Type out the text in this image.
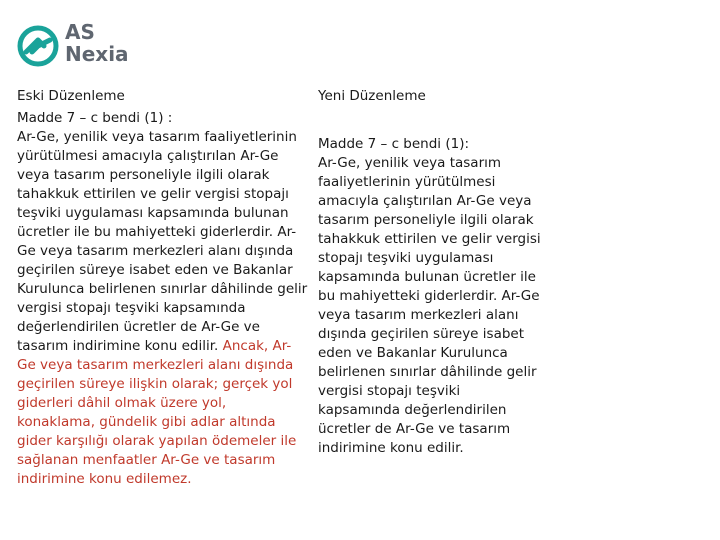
AS
Nexia
Eski Düzenleme	Yeni Düzenleme
Madde 7 – c bendi (1) :
Ar-Ge, yenilik veya tasarım faaliyetlerinin
yürütülmesi amacıyla çalıştırılan Ar-Ge
veya tasarım personeliyle ilgili olarak
tahakkuk ettirilen ve gelir vergisi stopajı
teşviki uygulaması kapsamında bulunan
ücretler ile bu mahiyetteki giderlerdir. Ar-
Ge veya tasarım merkezleri alanı dışında
geçirilen süreye isabet eden ve Bakanlar
Kurulunca belirlenen sınırlar dâhilinde gelir
vergisi stopajı teşviki kapsamında
değerlendirilen ücretler de Ar-Ge ve
tasarım indirimine konu edilir. Ancak, Ar-
Ge veya tasarım merkezleri alanı dışında
geçirilen süreye ilişkin olarak; gerçek yol
giderleri dâhil olmak üzere yol,
konaklama, gündelik gibi adlar altında
gider karşılığı olarak yapılan ödemeler ile
sağlanan menfaatler Ar-Ge ve tasarım
indirimine konu edilemez.
Madde 7 – c bendi (1):
Ar-Ge, yenilik veya tasarım
faaliyetlerinin yürütülmesi
amacıyla çalıştırılan Ar-Ge veya
tasarım personeliyle ilgili olarak
tahakkuk ettirilen ve gelir vergisi
stopajı teşviki uygulaması
kapsamında bulunan ücretler ile
bu mahiyetteki giderlerdir. Ar-Ge
veya tasarım merkezleri alanı
dışında geçirilen süreye isabet
eden ve Bakanlar Kurulunca
belirlenen sınırlar dâhilinde gelir
vergisi stopajı teşviki
kapsamında değerlendirilen
ücretler de Ar-Ge ve tasarım
indirimine konu edilir.
